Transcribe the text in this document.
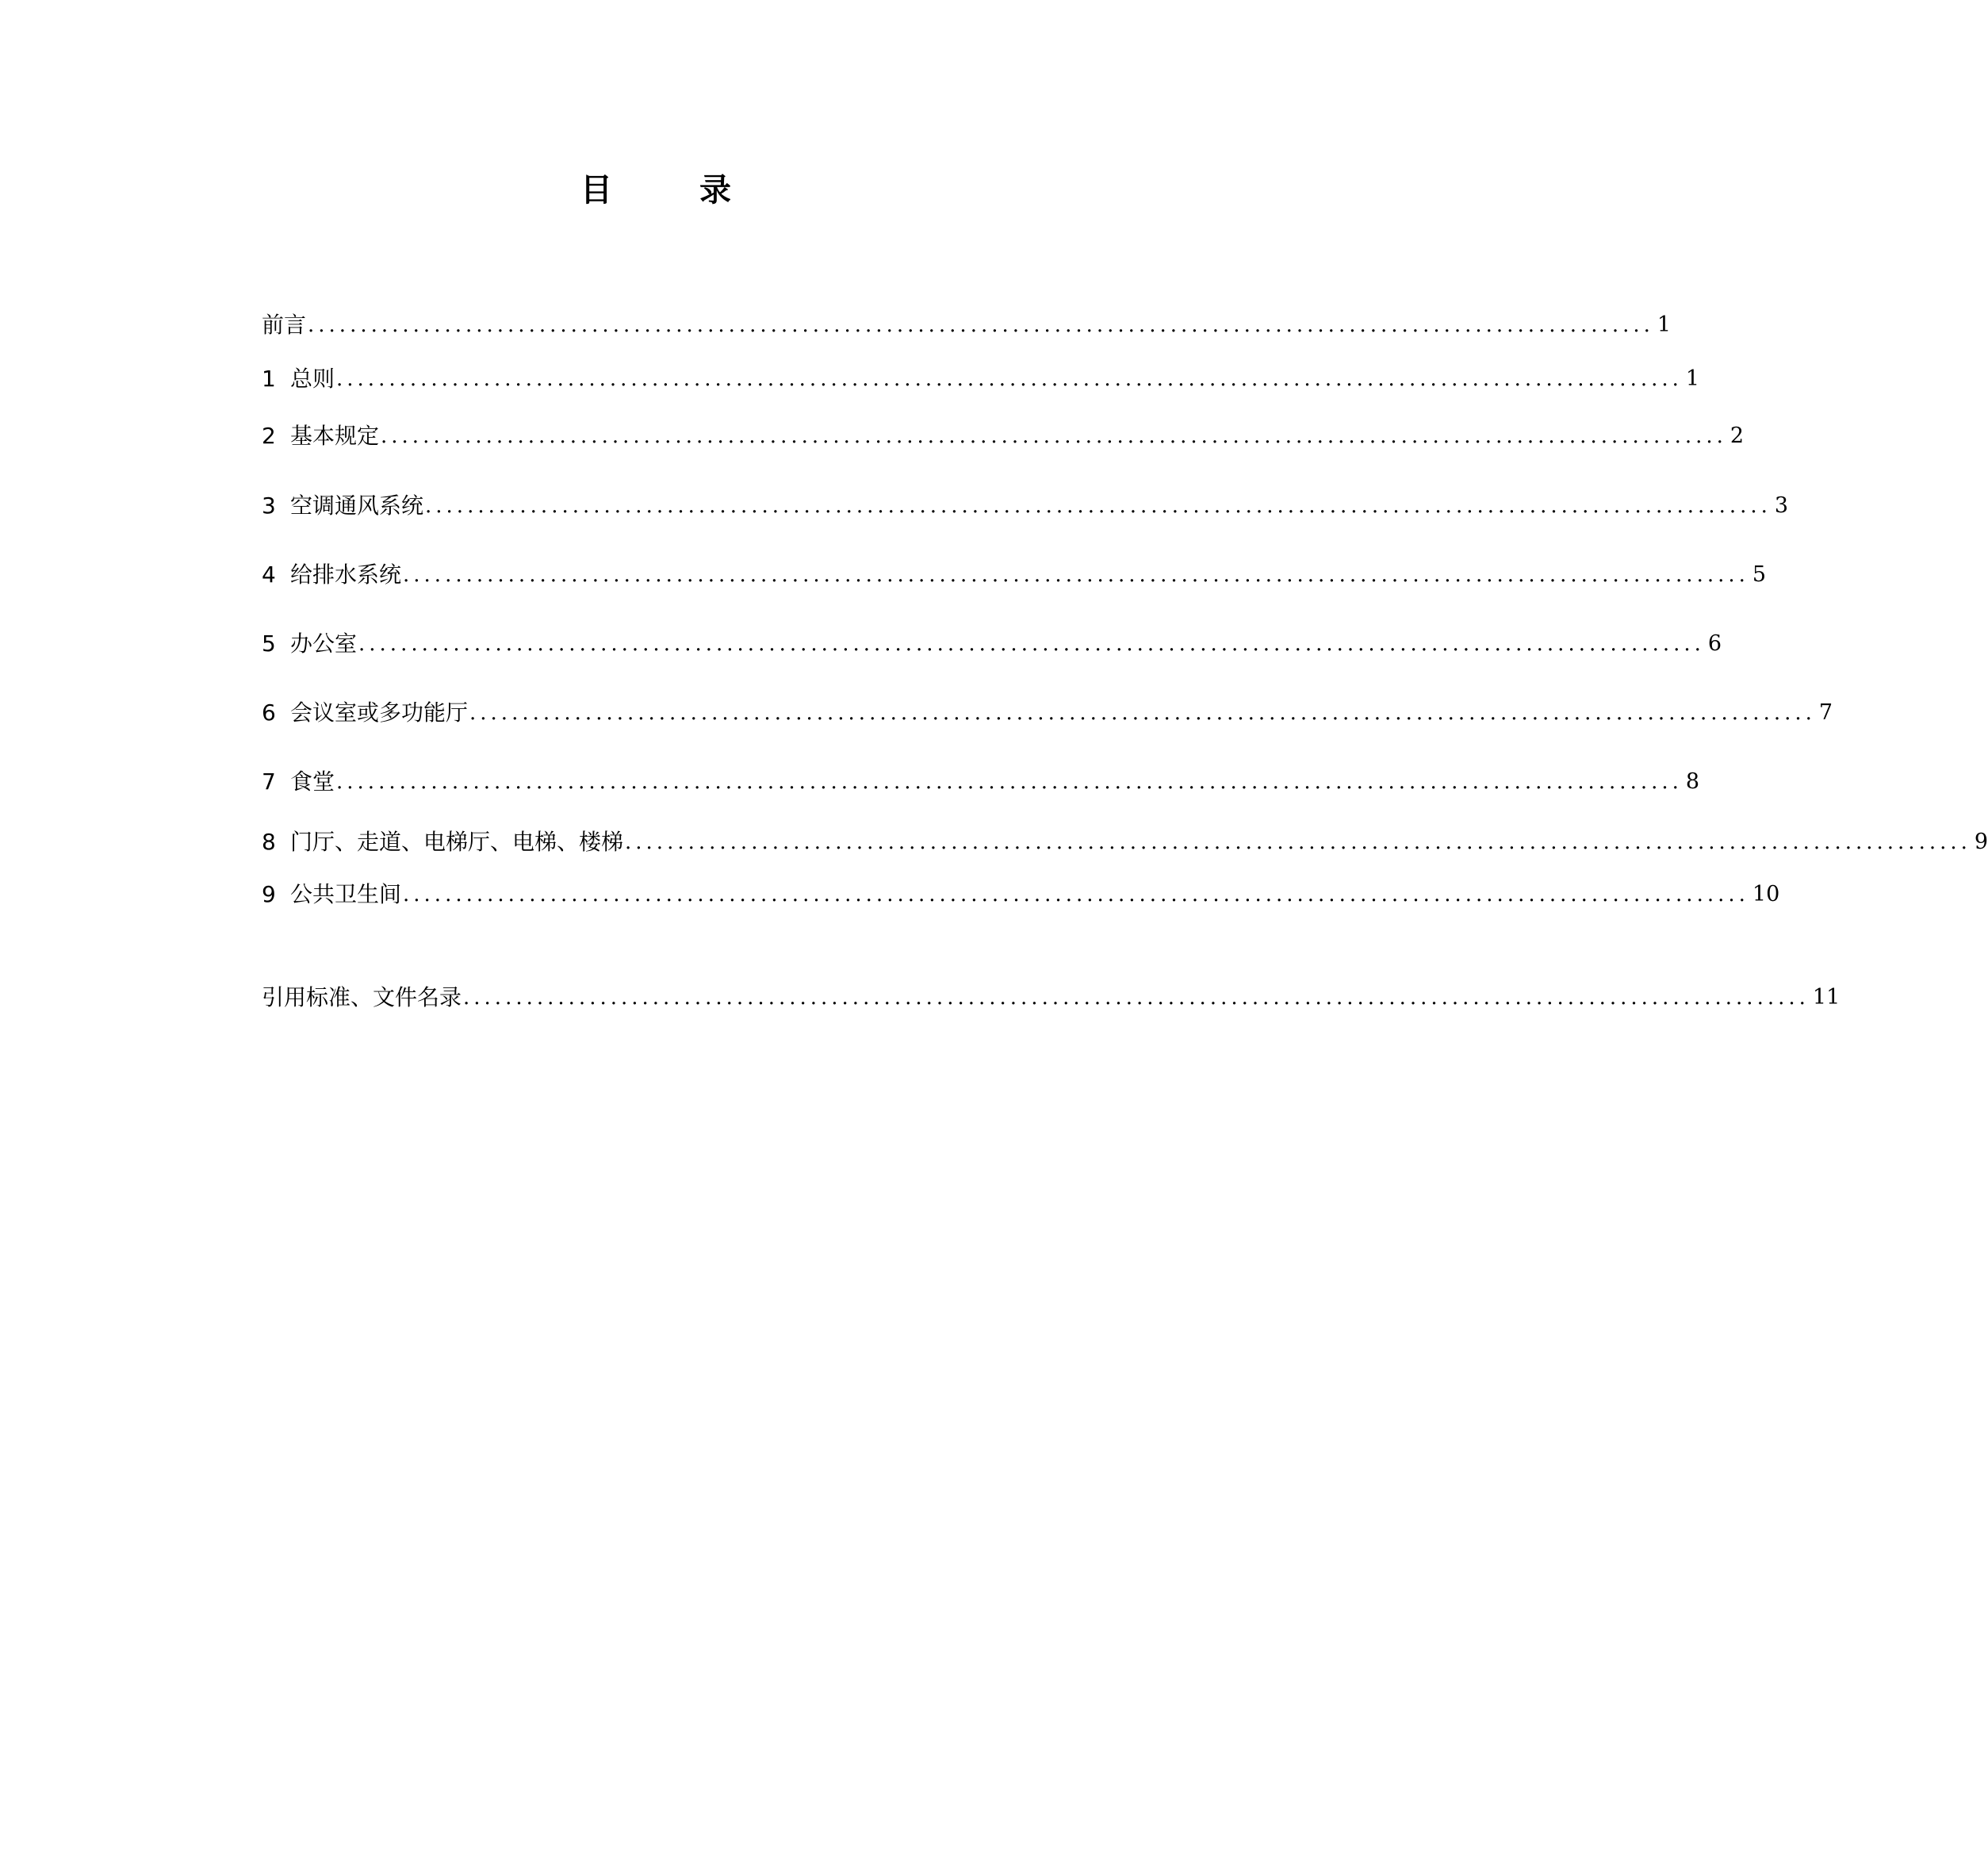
目 录
前言 ................................................................................................................................ 1
1 总则 ................................................................................................................................ 1
2 基本规定 ................................................................................................................................ 2
3 空调通风系统 ................................................................................................................................ 3
4 给排水系统 ................................................................................................................................ 5
5 办公室 ................................................................................................................................ 6
6 会议室或多功能厅 ................................................................................................................................ 7
7 食堂 ................................................................................................................................ 8
8 门厅、走道、电梯厅、电梯、楼梯 ................................................................................................................................ 9
9 公共卫生间 ................................................................................................................................ 10
引用标准、文件名录 ................................................................................................................................ 11
